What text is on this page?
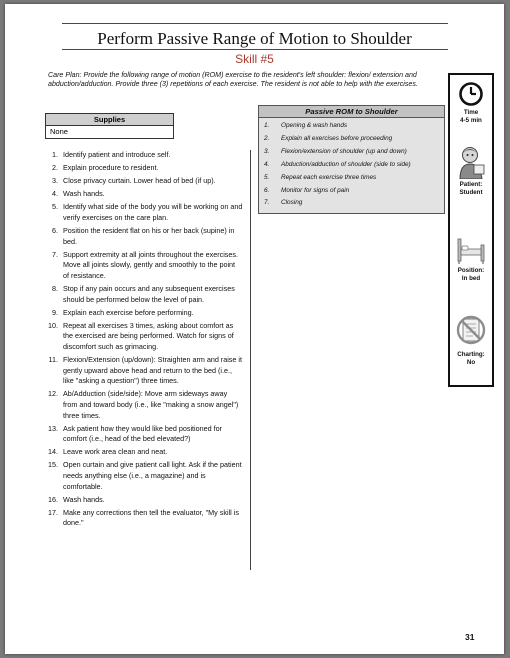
Perform Passive Range of Motion to Shoulder
Skill #5
Care Plan: Provide the following range of motion (ROM) exercise to the resident's left shoulder: flexion/ extension and abduction/adduction. Provide three (3) repetitions of each exercise. The resident is not able to help with the exercises.
Supplies
None
1. Identify patient and introduce self.
2. Explain procedure to resident.
3. Close privacy curtain. Lower head of bed (if up).
4. Wash hands.
5. Identify what side of the body you will be working on and verify exercises on the care plan.
6. Position the resident flat on his or her back (supine) in bed.
7. Support extremity at all joints throughout the exercises. Move all joints slowly, gently and smoothly to the point of resistance.
8. Stop if any pain occurs and any subsequent exercises should be performed below the level of pain.
9. Explain each exercise before performing.
10. Repeat all exercises 3 times, asking about comfort as the exercised are being performed. Watch for signs of discomfort such as grimacing.
11. Flexion/Extension (up/down): Straighten arm and raise it gently upward above head and return to the bed (i.e., like "asking a question") three times.
12. Ab/Adduction (side/side): Move arm sideways away from and toward body (i.e., like "making a snow angel") three times.
13. Ask patient how they would like bed positioned for comfort (i.e., head of the bed elevated?)
14. Leave work area clean and neat.
15. Open curtain and give patient call light. Ask if the patient needs anything else (i.e., a magazine) and is comfortable.
16. Wash hands.
17. Make any corrections then tell the evaluator, "My skill is done."
Passive ROM to Shoulder
1. Opening & wash hands
2. Explain all exercises before proceeding
3. Flexion/extension of shoulder (up and down)
4. Abduction/adduction of shoulder (side to side)
5. Repeat each exercise three times
6. Monitor for signs of pain
7. Closing
Time
4-5 min
Patient:
Student
Position:
In bed
Charting:
No
31
